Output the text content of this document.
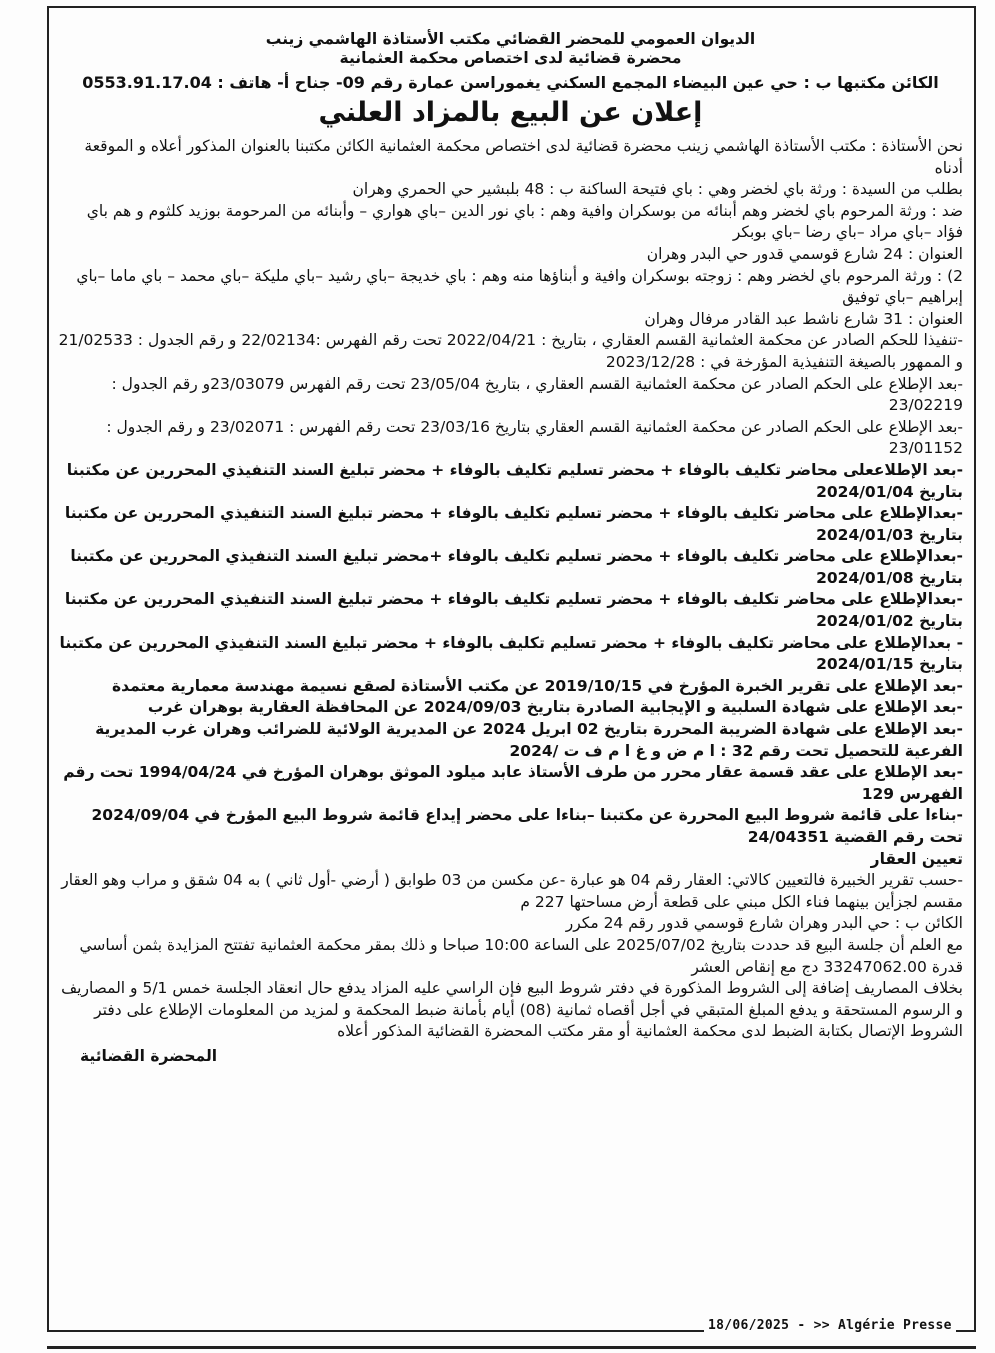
الديوان العمومي للمحضر القضائي مكتب الأستاذة الهاشمي زينب

محضرة قضائية لدى اختصاص محكمة العثمانية

الكائن مكتبها ب : حي عين البيضاء المجمع السكني يغموراسن عمارة رقم 09- جناح أ- هاتف : 0553.91.17.04

إعلان عن البيع بالمزاد العلني

نحن الأستاذة : مكتب الأستاذة الهاشمي زينب محضرة قضائية لدى اختصاص محكمة العثمانية الكائن مكتبنا بالعنوان المذكور أعلاه و الموقعة أدناه

بطلب من السيدة : ورثة باي لخضر وهي : باي فتيحة الساكنة ب : 48 بلبشير حي الحمري وهران

ضد : ورثة المرحوم باي لخضر وهم أبنائه من بوسكران وافية وهم : باي نور الدين –باي هواري – وأبنائه من المرحومة بوزيد كلثوم و هم باي فؤاد –باي مراد –باي رضا –باي بوبكر

العنوان : 24 شارع قوسمي قدور حي البدر وهران

2) : ورثة المرحوم باي لخضر وهم : زوجته بوسكران وافية و أبناؤها منه وهم : باي خديجة –باي رشيد –باي مليكة –باي محمد – باي ماما –باي إبراهيم –باي توفيق

العنوان : 31 شارع ناشط عبد القادر مرفال وهران

-تنفيذا للحكم الصادر عن محكمة العثمانية القسم العقاري ، بتاريخ : 2022/04/21 تحت رقم الفهرس :22/02134 و رقم الجدول : 21/02533

و الممهور بالصيغة التنفيذية المؤرخة في : 2023/12/28

-بعد الإطلاع على الحكم الصادر عن محكمة العثمانية القسم العقاري ، بتاريخ 23/05/04 تحت رقم الفهرس 23/03079و رقم الجدول : 23/02219

-بعد الإطلاع على الحكم الصادر عن محكمة العثمانية القسم العقاري بتاريخ 23/03/16 تحت رقم الفهرس : 23/02071 و رقم الجدول : 23/01152

-بعد الإطلاععلى محاضر تكليف بالوفاء + محضر تسليم تكليف بالوفاء + محضر تبليغ السند التنفيذي المحررين عن مكتبنا بتاريخ 2024/01/04

-بعدالإطلاع على محاضر تكليف بالوفاء + محضر تسليم تكليف بالوفاء + محضر تبليغ السند التنفيذي المحررين عن مكتبنا بتاريخ 2024/01/03

-بعدالإطلاع على محاضر تكليف بالوفاء + محضر تسليم تكليف بالوفاء +محضر تبليغ السند التنفيذي المحررين عن مكتبنا بتاريخ 2024/01/08

-بعدالإطلاع على محاضر تكليف بالوفاء + محضر تسليم تكليف بالوفاء + محضر تبليغ السند التنفيذي المحررين عن مكتبنا بتاريخ 2024/01/02

- بعدالإطلاع على محاضر تكليف بالوفاء + محضر تسليم تكليف بالوفاء + محضر تبليغ السند التنفيذي المحررين عن مكتبنا بتاريخ 2024/01/15

-بعد الإطلاع على تقرير الخبرة المؤرخ في 2019/10/15 عن مكتب الأستاذة لصقع نسيمة مهندسة معمارية معتمدة

-بعد الإطلاع على شهادة السلبية و الإيجابية الصادرة بتاريخ 2024/09/03 عن المحافظة العقارية بوهران غرب

-بعد الإطلاع على شهادة الضريبة المحررة بتاريخ 02 ابريل 2024 عن المديرية الولائية للضرائب وهران غرب المديرية الفرعية للتحصيل تحت رقم 32 : ا م ض و غ ا م ف ت /2024

-بعد الإطلاع على عقد قسمة عقار محرر من طرف الأستاذ عابد ميلود الموثق بوهران المؤرخ في 1994/04/24 تحت رقم الفهرس 129

-بناءا على قائمة شروط البيع المحررة عن مكتبنا –بناءا على محضر إيداع قائمة شروط البيع المؤرخ في 2024/09/04 تحت رقم القضية 24/04351

تعيين العقار

-حسب تقرير الخبيرة فالتعيين كالاتي: العقار رقم 04 هو عبارة -عن مكسن من 03 طوابق ( أرضي -أول ثاني ) به 04 شقق و مراب وهو العقار مقسم لجزأين بينهما فناء الكل مبني على قطعة أرض مساحتها 227 م

الكائن ب : حي البدر وهران شارع قوسمي قدور رقم 24 مكرر

مع العلم أن جلسة البيع قد حددت بتاريخ 2025/07/02 على الساعة 10:00 صباحا و ذلك بمقر محكمة العثمانية تفتتح المزايدة بثمن أساسي قدرة 33247062.00 دج مع إنقاص العشر

بخلاف المصاريف إضافة إلى الشروط المذكورة في دفتر شروط البيع فإن الراسي عليه المزاد يدفع حال انعقاد الجلسة خمس 5/1 و المصاريف و الرسوم المستحقة و يدفع المبلغ المتبقي في أجل أقصاه ثمانية (08) أيام بأمانة ضبط المحكمة و لمزيد من المعلومات الإطلاع على دفتر الشروط الإتصال بكتابة الضبط لدى محكمة العثمانية أو مقر مكتب المحضرة القضائية المذكور أعلاه

المحضرة القضائية

18/06/2025 - >> Algérie Presse
